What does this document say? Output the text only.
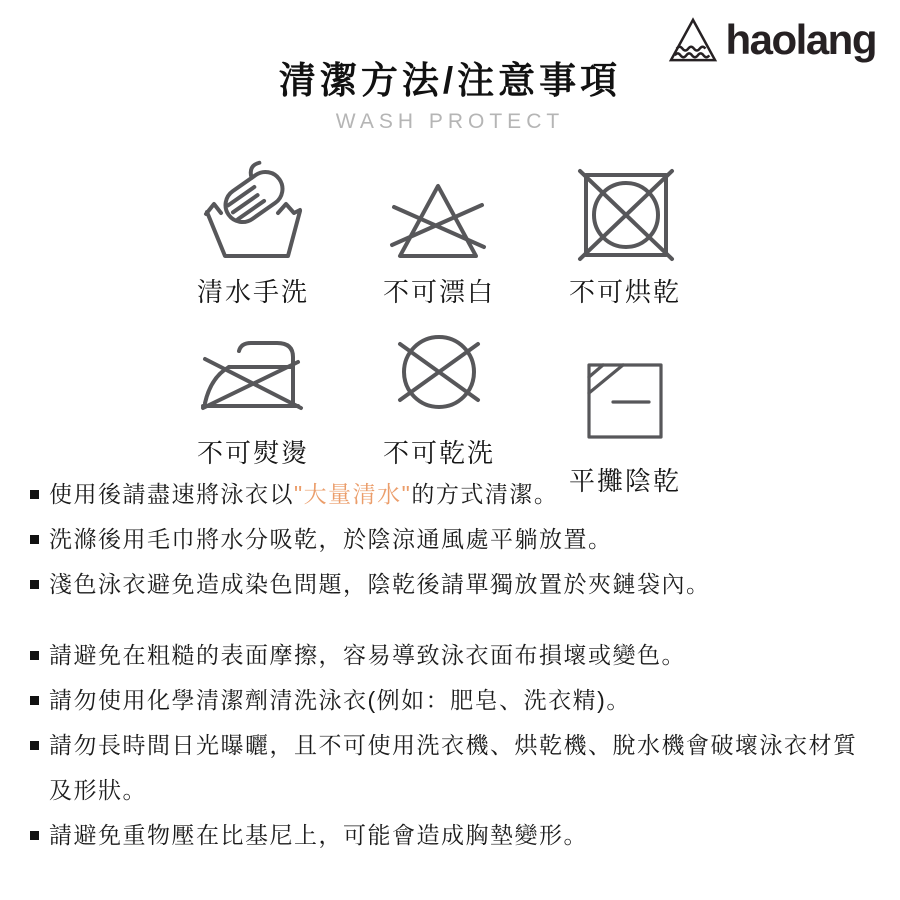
haolang
清潔方法/注意事項
WASH PROTECT
清水手洗	不可漂白	不可烘乾
不可熨燙	不可乾洗
平攤陰乾
使用後請盡速將泳衣以"大量清水"的方式清潔。
洗滌後用毛巾將水分吸乾，於陰涼通風處平躺放置。
淺色泳衣避免造成染色問題，陰乾後請單獨放置於夾鏈袋內。
請避免在粗糙的表面摩擦，容易導致泳衣面布損壞或變色。
請勿使用化學清潔劑清洗泳衣(例如：肥皂、洗衣精)。
請勿長時間日光曝曬，且不可使用洗衣機、烘乾機、脫水機會破壞泳衣材質及形狀。
請避免重物壓在比基尼上，可能會造成胸墊變形。
